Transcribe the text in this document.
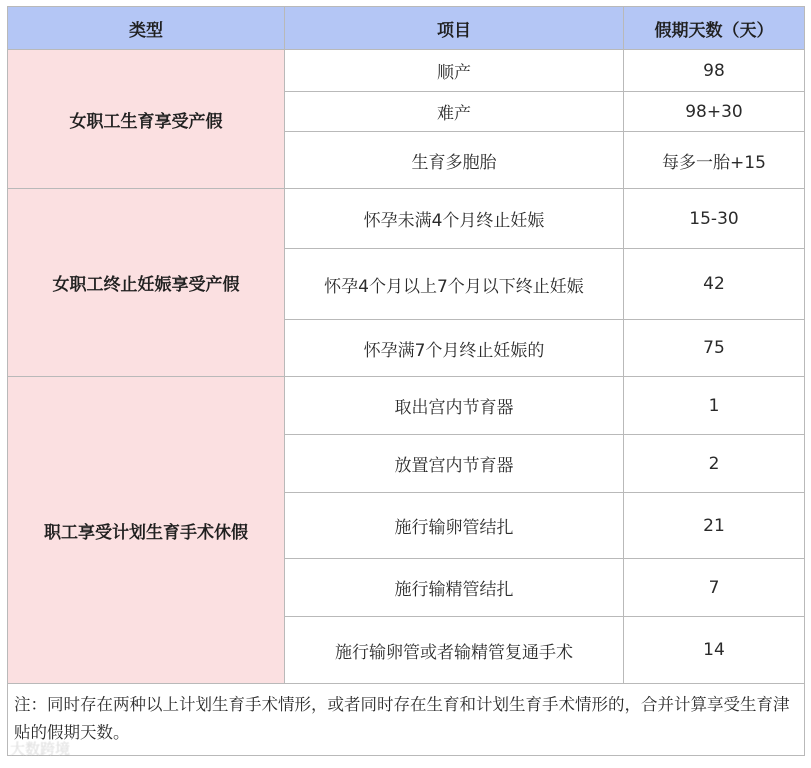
类型	项目	假期天数（天）
女职工生育享受产假	顺产	98
	难产	98+30
	生育多胞胎	每多一胎+15
女职工终止妊娠享受产假	怀孕未满4个月终止妊娠	15-30
	怀孕4个月以上7个月以下终止妊娠	42
	怀孕满7个月终止妊娠的	75
职工享受计划生育手术休假	取出宫内节育器	1
	放置宫内节育器	2
	施行输卵管结扎	21
	施行输精管结扎	7
	施行输卵管或者输精管复通手术	14
注：同时存在两种以上计划生育手术情形，或者同时存在生育和计划生育手术情形的，合并计算享受生育津贴的假期天数。		
大数跨境
